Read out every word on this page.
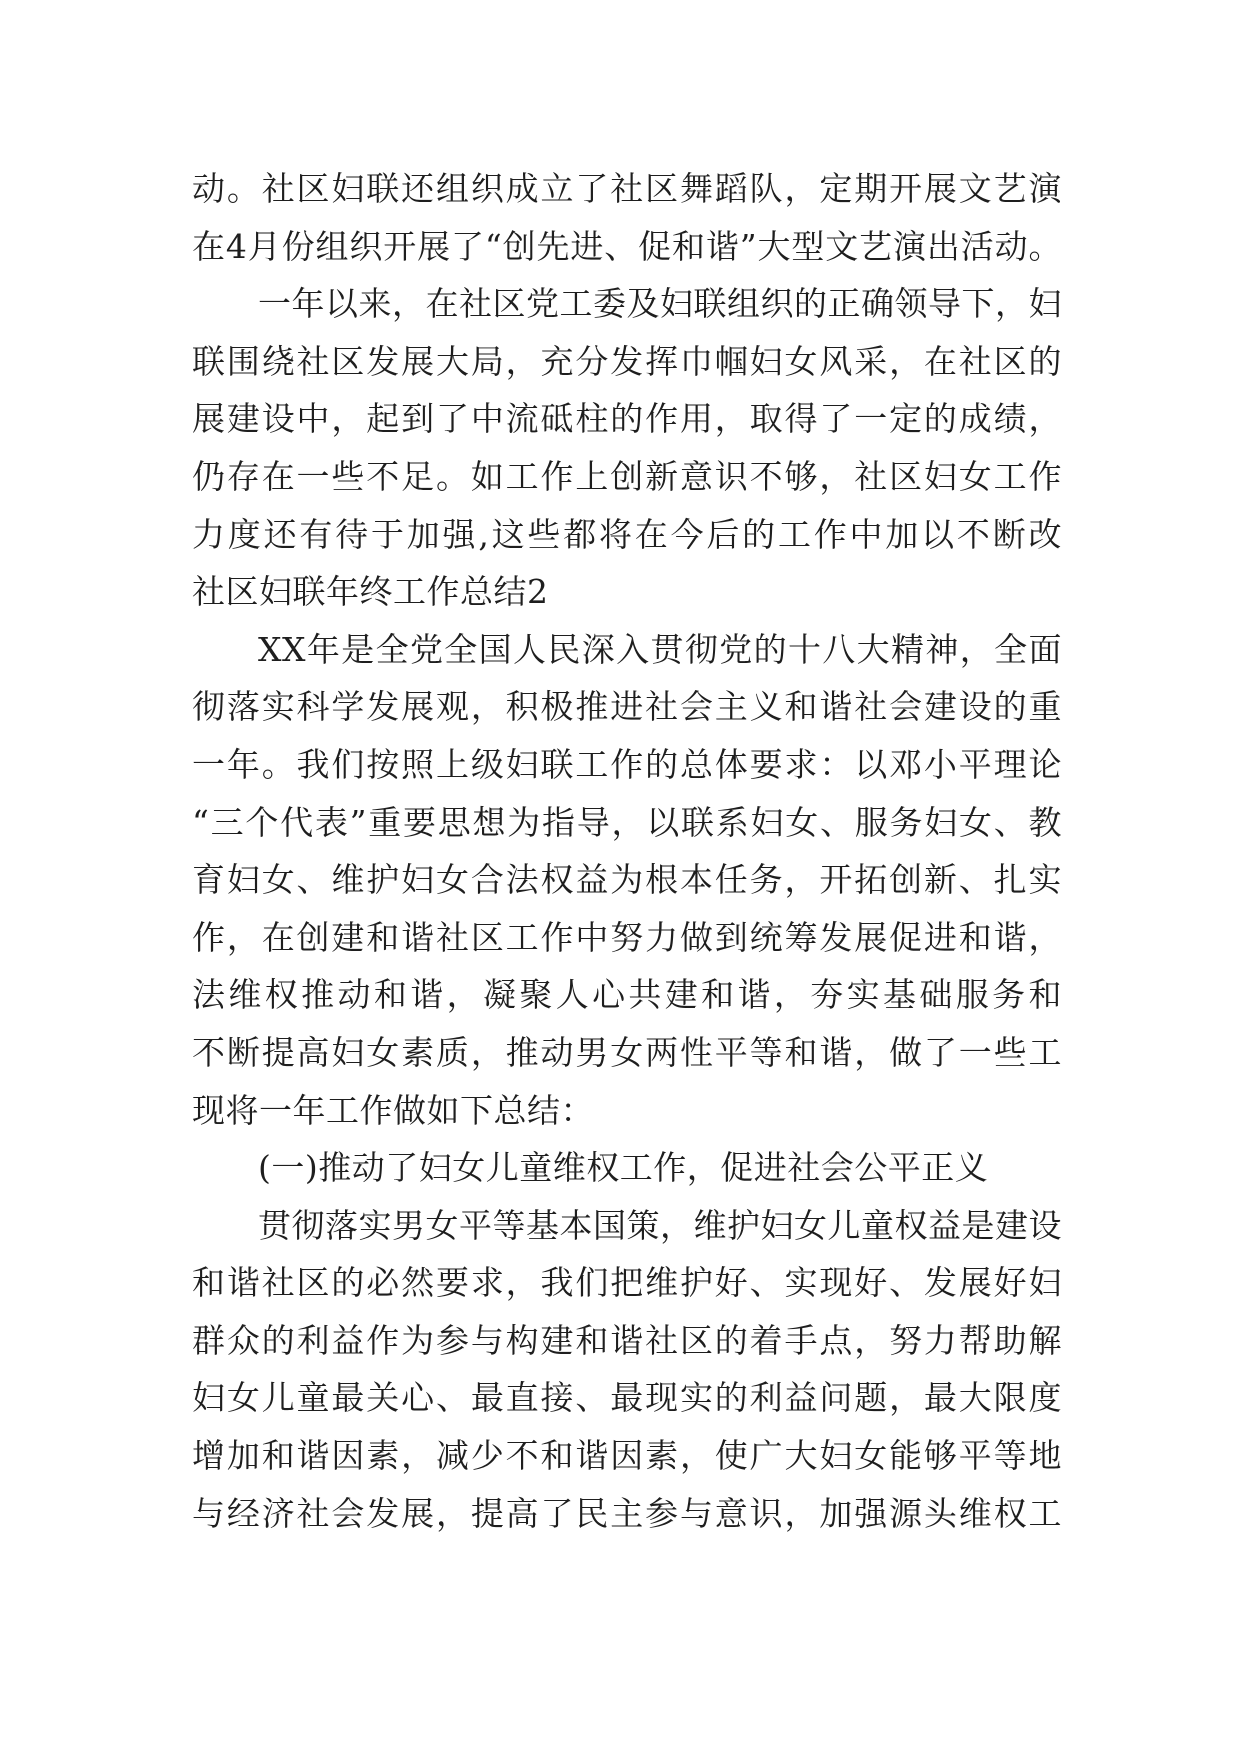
动。社区妇联还组织成立了社区舞蹈队，定期开展文艺演
在4月份组织开展了“创先进、促和谐”大型文艺演出活动。
一年以来，在社区党工委及妇联组织的正确领导下，妇
联围绕社区发展大局，充分发挥巾帼妇女风采，在社区的
展建设中，起到了中流砥柱的作用，取得了一定的成绩，
仍存在一些不足。如工作上创新意识不够，社区妇女工作
力度还有待于加强,这些都将在今后的工作中加以不断改
社区妇联年终工作总结2
XX年是全党全国人民深入贯彻党的十八大精神，全面
彻落实科学发展观，积极推进社会主义和谐社会建设的重
一年。我们按照上级妇联工作的总体要求：以邓小平理论
“三个代表”重要思想为指导，以联系妇女、服务妇女、教
育妇女、维护妇女合法权益为根本任务，开拓创新、扎实
作，在创建和谐社区工作中努力做到统筹发展促进和谐，
法维权推动和谐，凝聚人心共建和谐，夯实基础服务和
不断提高妇女素质，推动男女两性平等和谐，做了一些工
现将一年工作做如下总结：
(一)推动了妇女儿童维权工作，促进社会公平正义
贯彻落实男女平等基本国策，维护妇女儿童权益是建设
和谐社区的必然要求，我们把维护好、实现好、发展好妇
群众的利益作为参与构建和谐社区的着手点，努力帮助解
妇女儿童最关心、最直接、最现实的利益问题，最大限度
增加和谐因素，减少不和谐因素，使广大妇女能够平等地
与经济社会发展，提高了民主参与意识，加强源头维权工
